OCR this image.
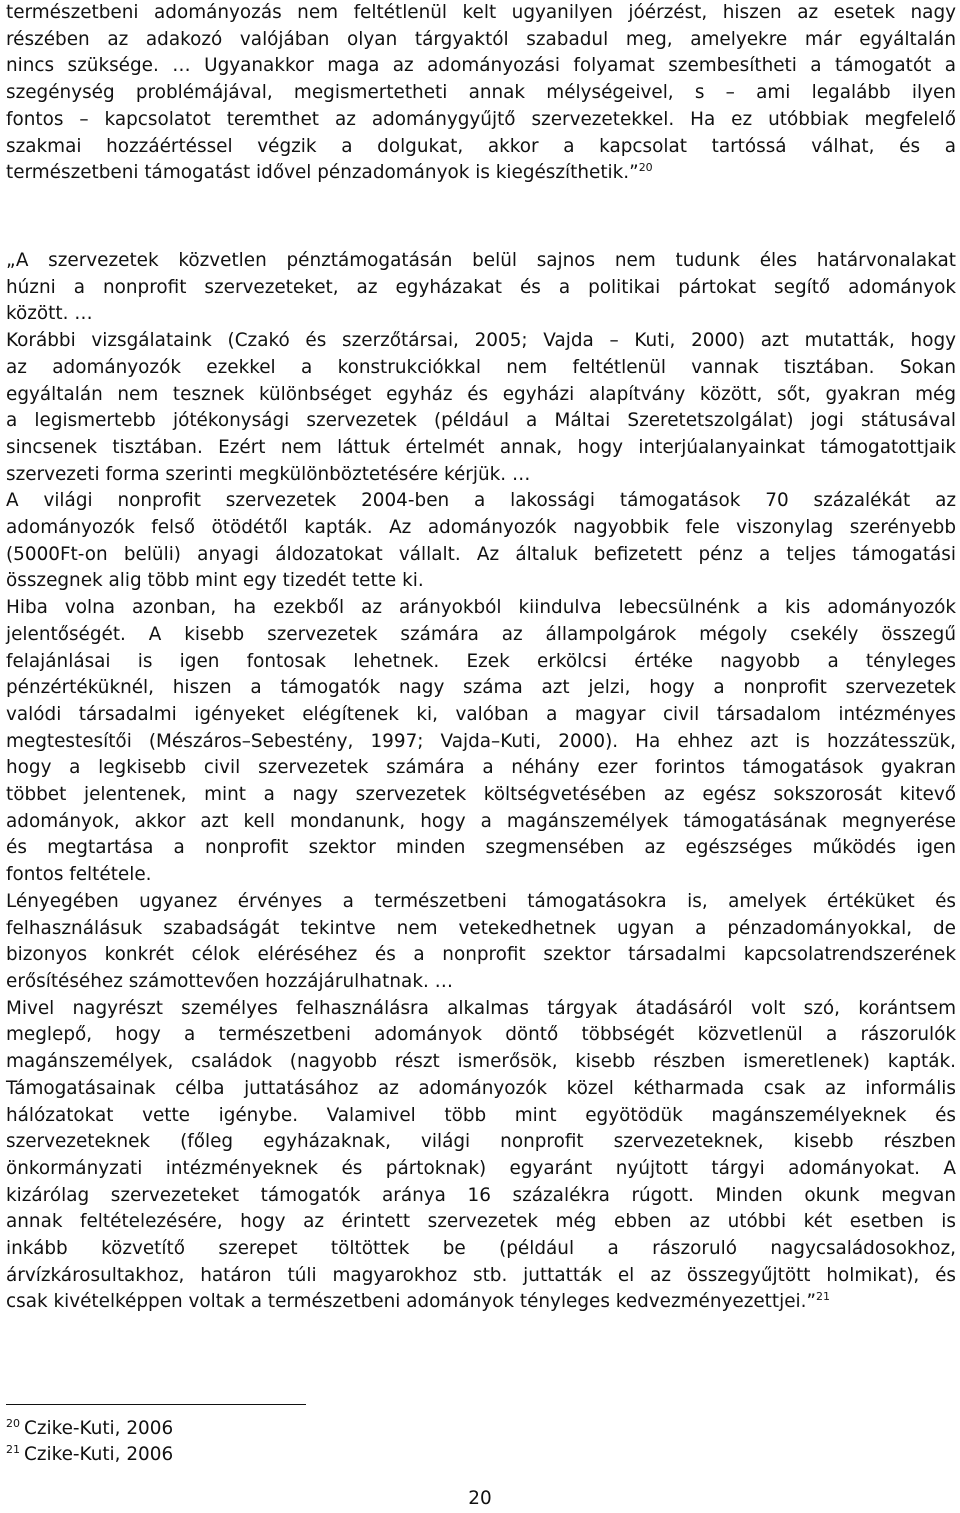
természetbeni adományozás nem feltétlenül kelt ugyanilyen jóérzést, hiszen az esetek nagy
részében az adakozó valójában olyan tárgyaktól szabadul meg, amelyekre már egyáltalán
nincs szüksége. … Ugyanakkor maga az adományozási folyamat szembesítheti a támogatót a
szegénység problémájával, megismertetheti annak mélységeivel, s – ami legalább ilyen
fontos – kapcsolatot teremthet az adománygyűjtő szervezetekkel. Ha ez utóbbiak megfelelő
szakmai hozzáértéssel végzik a dolgukat, akkor a kapcsolat tartóssá válhat, és a
természetbeni támogatást idővel pénzadományok is kiegészíthetik.”$^{20}$
„A szervezetek közvetlen pénztámogatásán belül sajnos nem tudunk éles határvonalakat
húzni a nonprofit szervezeteket, az egyházakat és a politikai pártokat segítő adományok
között. …
Korábbi vizsgálataink (Czakó és szerzőtársai, 2005; Vajda – Kuti, 2000) azt mutatták, hogy
az adományozók ezekkel a konstrukciókkal nem feltétlenül vannak tisztában. Sokan
egyáltalán nem tesznek különbséget egyház és egyházi alapítvány között, sőt, gyakran még
a legismertebb jótékonysági szervezetek (például a Máltai Szeretetszolgálat) jogi státusával
sincsenek tisztában. Ezért nem láttuk értelmét annak, hogy interjúalanyainkat támogatottjaik
szervezeti forma szerinti megkülönböztetésére kérjük. …
A világi nonprofit szervezetek 2004-ben a lakossági támogatások 70 százalékát az
adományozók felső ötödétől kapták. Az adományozók nagyobbik fele viszonylag szerényebb
(5000Ft-on belüli) anyagi áldozatokat vállalt. Az általuk befizetett pénz a teljes támogatási
összegnek alig több mint egy tizedét tette ki.
Hiba volna azonban, ha ezekből az arányokból kiindulva lebecsülnénk a kis adományozók
jelentőségét. A kisebb szervezetek számára az állampolgárok mégoly csekély összegű
felajánlásai is igen fontosak lehetnek. Ezek erkölcsi értéke nagyobb a tényleges
pénzértéküknél, hiszen a támogatók nagy száma azt jelzi, hogy a nonprofit szervezetek
valódi társadalmi igényeket elégítenek ki, valóban a magyar civil társadalom intézményes
megtestesítői (Mészáros–Sebestény, 1997; Vajda–Kuti, 2000). Ha ehhez azt is hozzátesszük,
hogy a legkisebb civil szervezetek számára a néhány ezer forintos támogatások gyakran
többet jelentenek, mint a nagy szervezetek költségvetésében az egész sokszorosát kitevő
adományok, akkor azt kell mondanunk, hogy a magánszemélyek támogatásának megnyerése
és megtartása a nonprofit szektor minden szegmensében az egészséges működés igen
fontos feltétele.
Lényegében ugyanez érvényes a természetbeni támogatásokra is, amelyek értéküket és
felhasználásuk szabadságát tekintve nem vetekedhetnek ugyan a pénzadományokkal, de
bizonyos konkrét célok eléréséhez és a nonprofit szektor társadalmi kapcsolatrendszerének
erősítéséhez számottevően hozzájárulhatnak. …
Mivel nagyrészt személyes felhasználásra alkalmas tárgyak átadásáról volt szó, korántsem
meglepő, hogy a természetbeni adományok döntő többségét közvetlenül a rászorulók
magánszemélyek, családok (nagyobb részt ismerősök, kisebb részben ismeretlenek) kapták.
Támogatásainak célba juttatásához az adományozók közel kétharmada csak az informális
hálózatokat vette igénybe. Valamivel több mint egyötödük magánszemélyeknek és
szervezeteknek (főleg egyházaknak, világi nonprofit szervezeteknek, kisebb részben
önkormányzati intézményeknek és pártoknak) egyaránt nyújtott tárgyi adományokat. A
kizárólag szervezeteket támogatók aránya 16 százalékra rúgott. Minden okunk megvan
annak feltételezésére, hogy az érintett szervezetek még ebben az utóbbi két esetben is
inkább közvetítő szerepet töltöttek be (például a rászoruló nagycsaládosokhoz,
árvízkárosultakhoz, határon túli magyarokhoz stb. juttatták el az összegyűjtött holmikat), és
csak kivételképpen voltak a természetbeni adományok tényleges kedvezményezettjei.”$^{21}$
$^{20}$ Czike-Kuti, 2006
$^{21}$ Czike-Kuti, 2006
20
